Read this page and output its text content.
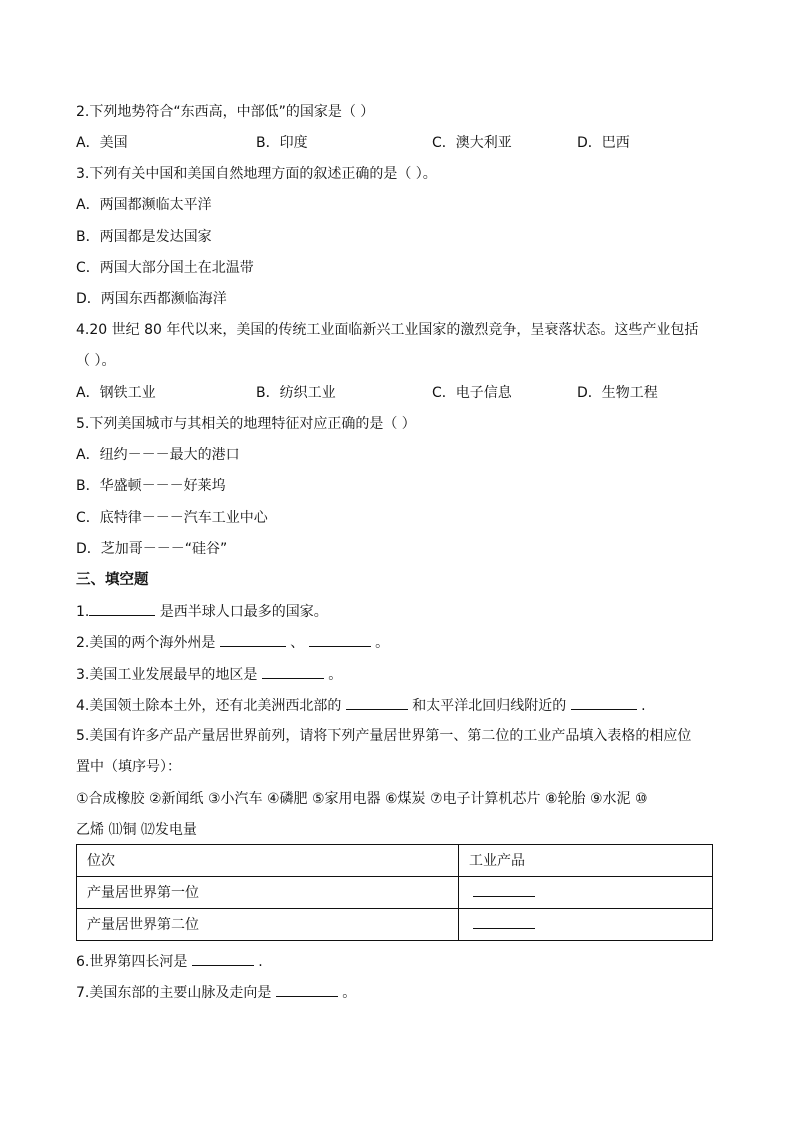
2.下列地势符合“东西高，中部低”的国家是（ ）
A．美国	B．印度	C．澳大利亚	D．巴西
3.下列有关中国和美国自然地理方面的叙述正确的是（ ）。
A．两国都濒临太平洋
B．两国都是发达国家
C．两国大部分国土在北温带
D．两国东西都濒临海洋
4.20 世纪 80 年代以来，美国的传统工业面临新兴工业国家的激烈竞争，呈衰落状态。这些产业包括
（ ）。
A．钢铁工业	B．纺织工业	C．电子信息	D．生物工程
5.下列美国城市与其相关的地理特征对应正确的是（ ）
A．纽约－－－最大的港口
B．华盛顿－－－好莱坞
C．底特律－－－汽车工业中心
D．芝加哥－－－“硅谷”
三、填空题
1.	是西半球人口最多的国家。
2.美国的两个海外州是	、	。
3.美国工业发展最早的地区是	。
4.美国领土除本土外，还有北美洲西北部的	和太平洋北回归线附近的	.
5.美国有许多产品产量居世界前列，请将下列产量居世界第一、第二位的工业产品填入表格的相应位
置中（填序号）：
①合成橡胶 ②新闻纸 ③小汽车 ④磷肥 ⑤家用电器 ⑥煤炭 ⑦电子计算机芯片 ⑧轮胎 ⑨水泥 ⑩
乙烯 ⑾铜 ⑿发电量
位次	工业产品
产量居世界第一位	
产量居世界第二位	
6.世界第四长河是	.
7.美国东部的主要山脉及走向是	。
